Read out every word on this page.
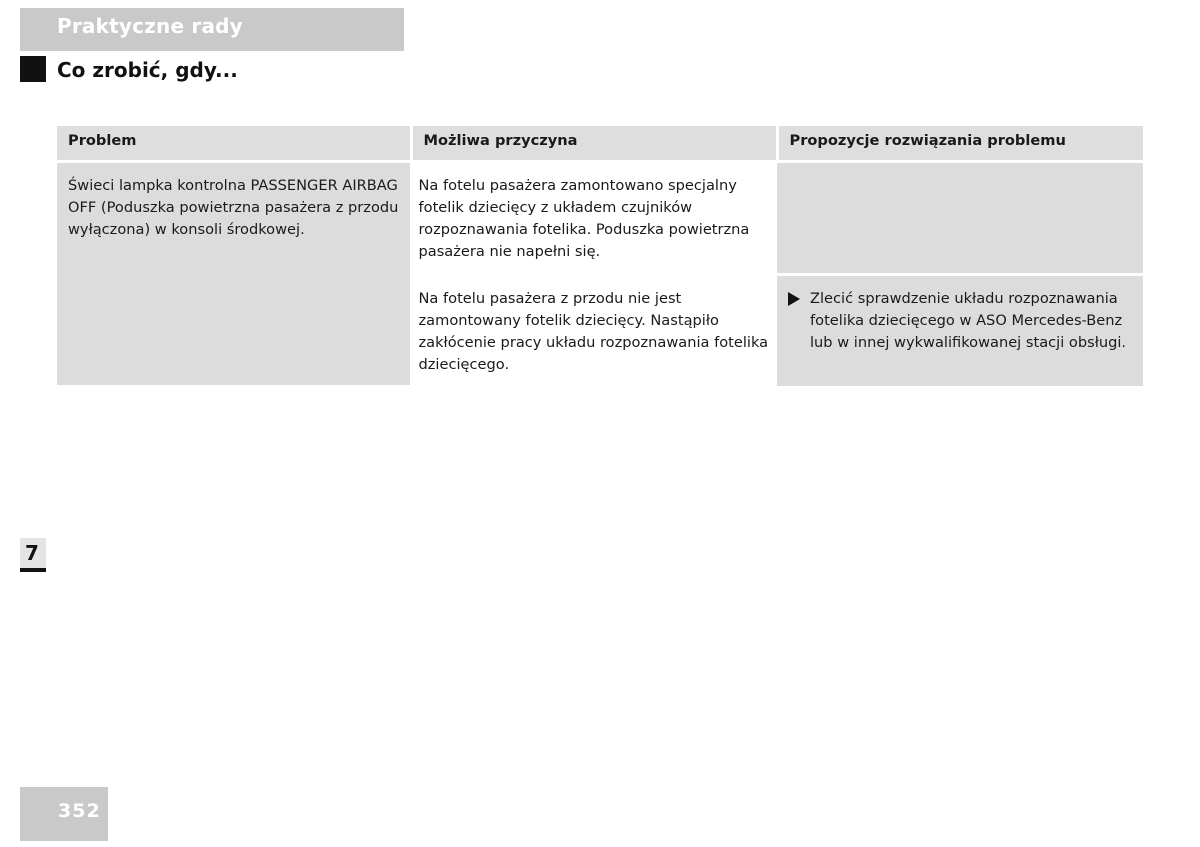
Praktyczne rady
Co zrobić, gdy...
Problem	Możliwa przyczyna	Propozycje rozwiązania problemu
Świeci lampka kontrolna PASSENGER AIRBAG OFF (Poduszka powietrzna pasażera z przodu wyłączona) w konsoli środkowej.	Na fotelu pasażera zamontowano specjalny fotelik dziecięcy z układem czujników rozpoznawania fotelika. Poduszka powietrzna pasażera nie napełni się.	
	Na fotelu pasażera z przodu nie jest zamontowany fotelik dziecięcy. Nastąpiło zakłócenie pracy układu rozpoznawania fotelika dziecięcego.	Zlecić sprawdzenie układu rozpoznawania fotelika dziecięcego w ASO Mercedes-Benz lub w innej wykwalifikowanej stacji obsługi.
7
352
